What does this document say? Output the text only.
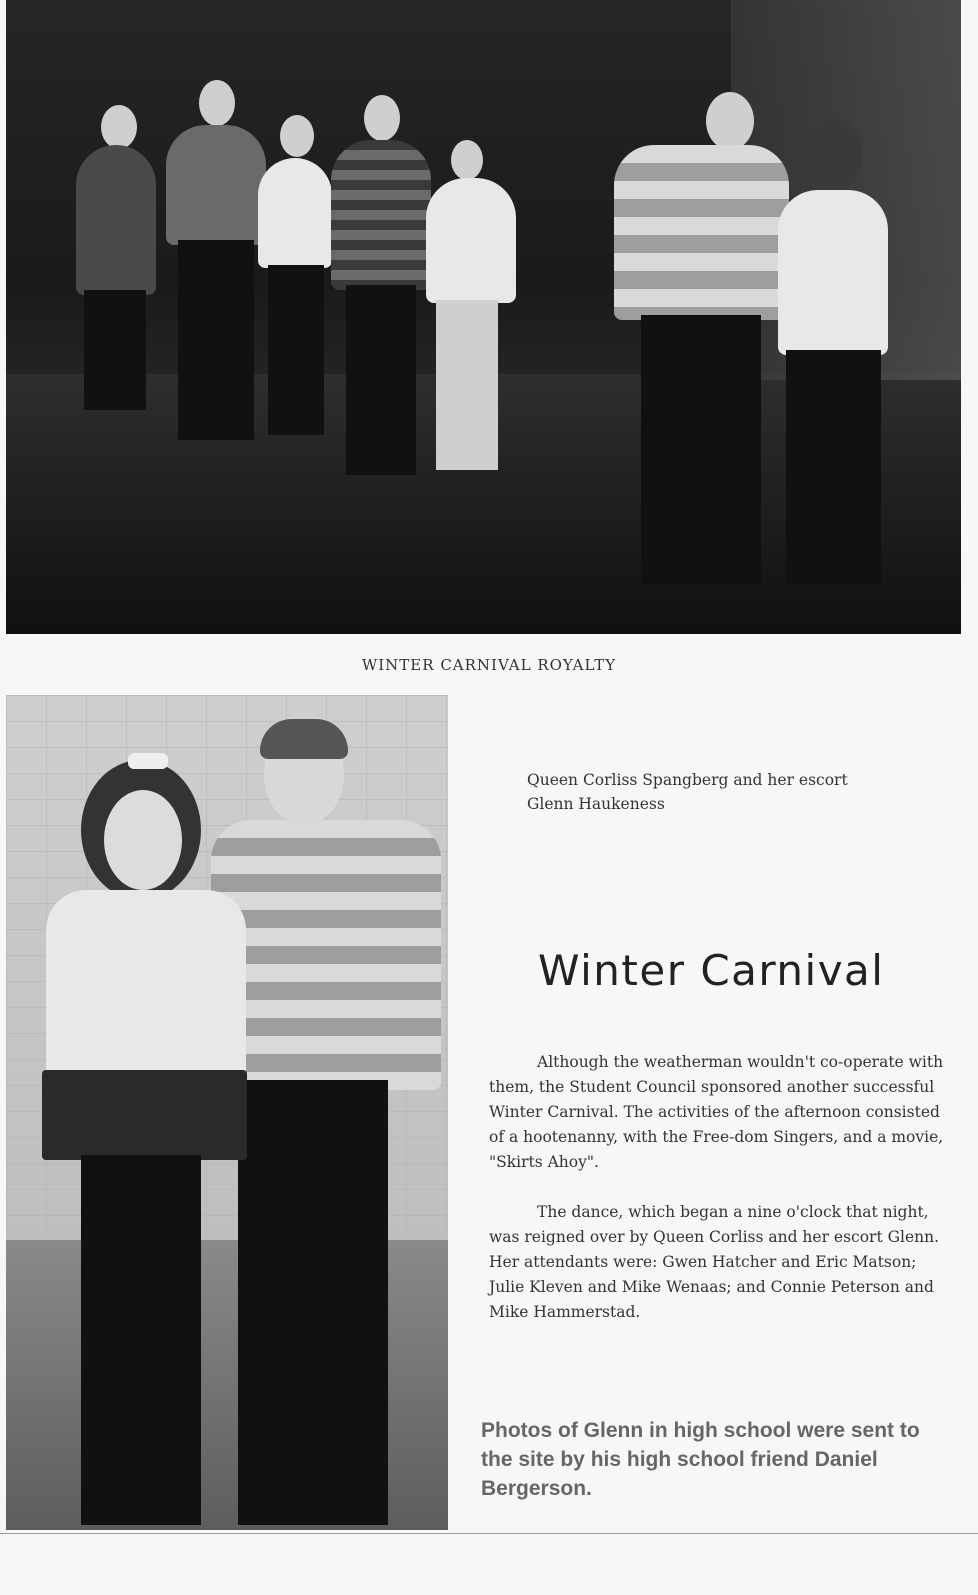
WINTER CARNIVAL ROYALTY
Queen Corliss Spangberg and her escort
Glenn Haukeness
Winter Carnival
Although the weatherman wouldn't co-operate with them, the Student Council sponsored another successful Winter Carnival. The activities of the afternoon consisted of a hootenanny, with the Free-dom Singers, and a movie, "Skirts Ahoy".
The dance, which began a nine o'clock that night, was reigned over by Queen Corliss and her escort Glenn. Her attendants were: Gwen Hatcher and Eric Matson; Julie Kleven and Mike Wenaas; and Connie Peterson and Mike Hammerstad.
Photos of Glenn in high school were sent to the site by his high school friend Daniel Bergerson.
